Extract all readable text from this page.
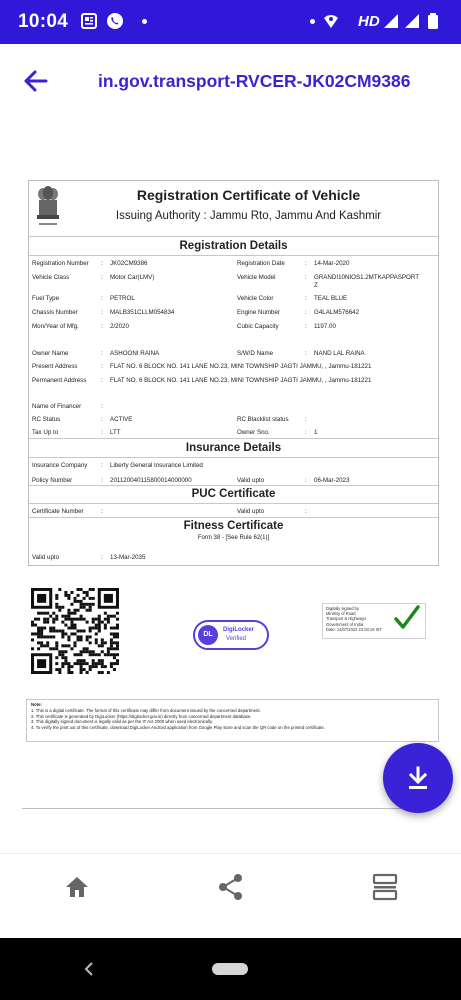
10:04	HD
in.gov.transport-RVCER-JK02CM9386
Registration Certificate of Vehicle
Issuing Authority : Jammu Rto, Jammu And Kashmir
Registration Details
Registration Number : JK02CM9386	Registration Date	: 14-Mar-2020
Vehicle Class	: Motor Car(LMV)	Vehicle Model	: GRANDI10NIOS1.2MTKAPPASPORT
Z
Fuel Type	: PETROL	Vehicle Color	: TEAL BLUE
Chassis Number	: MALB351CLLM054834	Engine Number	: G4LALM576642
Mon/Year of Mfg.	: 2/2020	Cubic Capacity	: 1197.00
Owner Name	: ASHOONI RAINA	S/W/D Name	: NAND LAL RAINA
Present Address	: FLAT NO. 6 BLOCK NO. 141 LANE NO.23, MINI TOWNSHIP JAGTI JAMMU, , Jammu-181221
Permanent Address : FLAT NO. 6 BLOCK NO. 141 LANE NO.23, MINI TOWNSHIP JAGTI JAMMU, , Jammu-181221
Name of Financer	:
RC Status	: ACTIVE	RC Blacklist status	:
Tax Up to	: LTT	Owner Sno.	: 1
Insurance Details
Insurance Company : Liberty General Insurance Limited
Policy Number	: 201120040115800014000000	Valid upto	: 06-Mar-2023
PUC Certificate
Certificate Number	:	Valid upto	:
Fitness Certificate
Form 38 - [See Rule 62(1)]
Valid upto	: 13-Mar-2035
DL
DigiLocker
Verified
Digitally signed by
Ministry of Road
Transport & Highways
Government of India
Date: 14/07/2022 22:03:19 IST
Note:
1. This is a digital certificate. The format of this certificate may differ from document issued by the concerned department.
2. This certificate is generated by DigiLocker (https://digilocker.gov.in) directly from concerned department database.
3. This digitally signed document is legally valid as per the IT Act 2000 when used electronically.
4. To verify the print out of this certificate, download DigiLocker Android application from Google Play store and scan the QR code on the printed certificate.
